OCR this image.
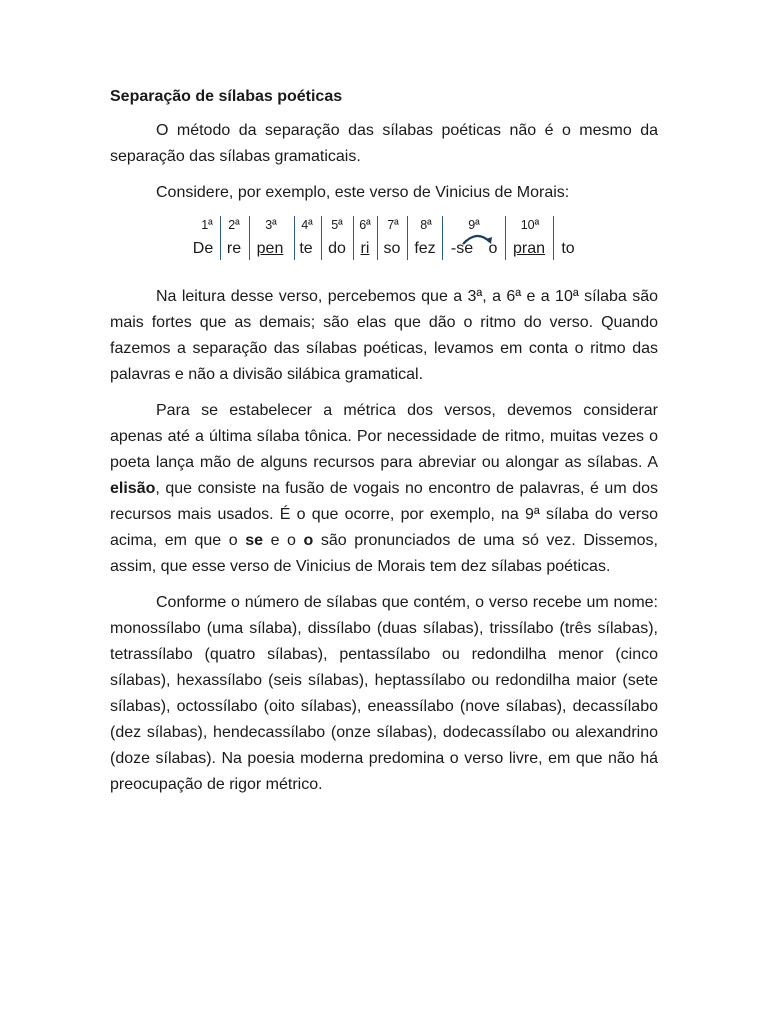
Separação de sílabas poéticas

O método da separação das sílabas poéticas não é o mesmo da separação das sílabas gramaticais.

Considere, por exemplo, este verso de Vinicius de Morais:

1ª 2ª 3ª 4ª 5ª 6ª 7ª 8ª	9ª	10ª
De re pen te do ri so fez -se o pran to

Na leitura desse verso, percebemos que a 3ª, a 6ª e a 10ª sílaba são mais fortes que as demais; são elas que dão o ritmo do verso. Quando fazemos a separação das sílabas poéticas, levamos em conta o ritmo das palavras e não a divisão silábica gramatical.

Para se estabelecer a métrica dos versos, devemos considerar apenas até a última sílaba tônica. Por necessidade de ritmo, muitas vezes o poeta lança mão de alguns recursos para abreviar ou alongar as sílabas. A elisão, que consiste na fusão de vogais no encontro de palavras, é um dos recursos mais usados. É o que ocorre, por exemplo, na 9ª sílaba do verso acima, em que o se e o o são pronunciados de uma só vez. Dissemos, assim, que esse verso de Vinicius de Morais tem dez sílabas poéticas.

Conforme o número de sílabas que contém, o verso recebe um nome: monossílabo (uma sílaba), dissílabo (duas sílabas), trissílabo (três sílabas), tetrassílabo (quatro sílabas), pentassílabo ou redondilha menor (cinco sílabas), hexassílabo (seis sílabas), heptassílabo ou redondilha maior (sete sílabas), octossílabo (oito sílabas), eneassílabo (nove sílabas), decassílabo (dez sílabas), hendecassílabo (onze sílabas), dodecassílabo ou alexandrino (doze sílabas). Na poesia moderna predomina o verso livre, em que não há preocupação de rigor métrico.
